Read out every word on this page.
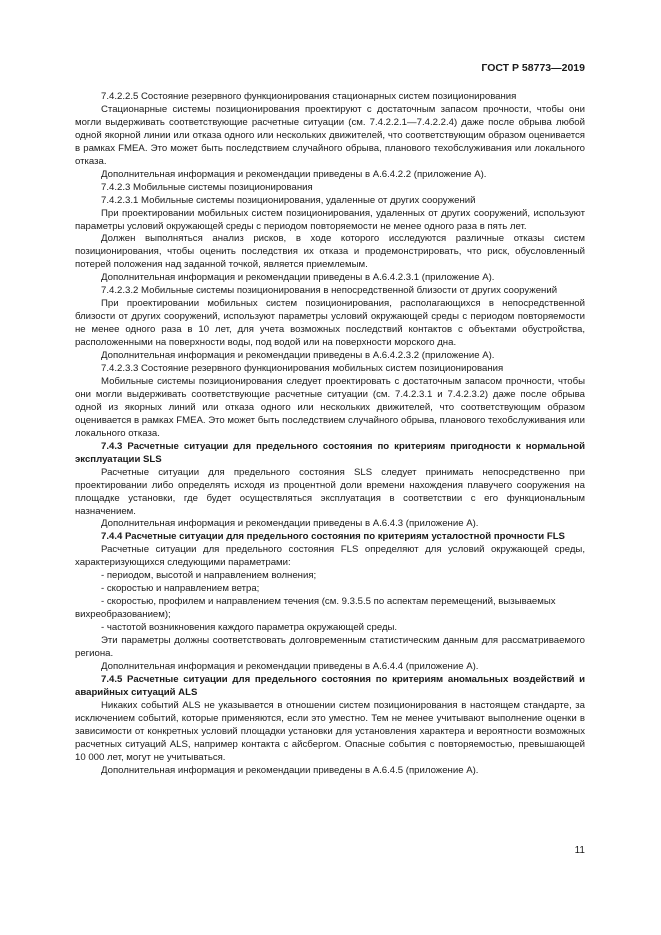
ГОСТ Р 58773—2019

7.4.2.2.5 Состояние резервного функционирования стационарных систем позиционирования

Стационарные системы позиционирования проектируют с достаточным запасом прочности, чтобы они могли выдерживать соответствующие расчетные ситуации (см. 7.4.2.2.1—7.4.2.2.4) даже после обрыва любой одной якорной линии или отказа одного или нескольких движителей, что соответствующим образом оценивается в рамках FMEA. Это может быть последствием случайного обрыва, планового техобслуживания или локального отказа.

Дополнительная информация и рекомендации приведены в А.6.4.2.2 (приложение А).

7.4.2.3 Мобильные системы позиционирования

7.4.2.3.1 Мобильные системы позиционирования, удаленные от других сооружений

При проектировании мобильных систем позиционирования, удаленных от других сооружений, используют параметры условий окружающей среды с периодом повторяемости не менее одного раза в пять лет.

Должен выполняться анализ рисков, в ходе которого исследуются различные отказы систем позиционирования, чтобы оценить последствия их отказа и продемонстрировать, что риск, обусловленный потерей положения над заданной точкой, является приемлемым.

Дополнительная информация и рекомендации приведены в А.6.4.2.3.1 (приложение А).

7.4.2.3.2 Мобильные системы позиционирования в непосредственной близости от других сооружений

При проектировании мобильных систем позиционирования, располагающихся в непосредственной близости от других сооружений, используют параметры условий окружающей среды с периодом повторяемости не менее одного раза в 10 лет, для учета возможных последствий контактов с объектами обустройства, расположенными на поверхности воды, под водой или на поверхности морского дна.

Дополнительная информация и рекомендации приведены в А.6.4.2.3.2 (приложение А).

7.4.2.3.3 Состояние резервного функционирования мобильных систем позиционирования

Мобильные системы позиционирования следует проектировать с достаточным запасом прочности, чтобы они могли выдерживать соответствующие расчетные ситуации (см. 7.4.2.3.1 и 7.4.2.3.2) даже после обрыва одной из якорных линий или отказа одного или нескольких движителей, что соответствующим образом оценивается в рамках FMEA. Это может быть последствием случайного обрыва, планового техобслуживания или локального отказа.

7.4.3 Расчетные ситуации для предельного состояния по критериям пригодности к нормальной эксплуатации SLS

Расчетные ситуации для предельного состояния SLS следует принимать непосредственно при проектировании либо определять исходя из процентной доли времени нахождения плавучего сооружения на площадке установки, где будет осуществляться эксплуатация в соответствии с его функциональным назначением.

Дополнительная информация и рекомендации приведены в А.6.4.3 (приложение А).

7.4.4 Расчетные ситуации для предельного состояния по критериям усталостной прочности FLS

Расчетные ситуации для предельного состояния FLS определяют для условий окружающей среды, характеризующихся следующими параметрами:

- периодом, высотой и направлением волнения;

- скоростью и направлением ветра;

- скоростью, профилем и направлением течения (см. 9.3.5.5 по аспектам перемещений, вызываемых вихреобразованием);

- частотой возникновения каждого параметра окружающей среды.

Эти параметры должны соответствовать долговременным статистическим данным для рассматриваемого региона.

Дополнительная информация и рекомендации приведены в А.6.4.4 (приложение А).

7.4.5 Расчетные ситуации для предельного состояния по критериям аномальных воздействий и аварийных ситуаций ALS

Никаких событий ALS не указывается в отношении систем позиционирования в настоящем стандарте, за исключением событий, которые применяются, если это уместно. Тем не менее учитывают выполнение оценки в зависимости от конкретных условий площадки установки для установления характера и вероятности возможных расчетных ситуаций ALS, например контакта с айсбергом. Опасные события с повторяемостью, превышающей 10 000 лет, могут не учитываться.

Дополнительная информация и рекомендации приведены в А.6.4.5 (приложение А).

11
